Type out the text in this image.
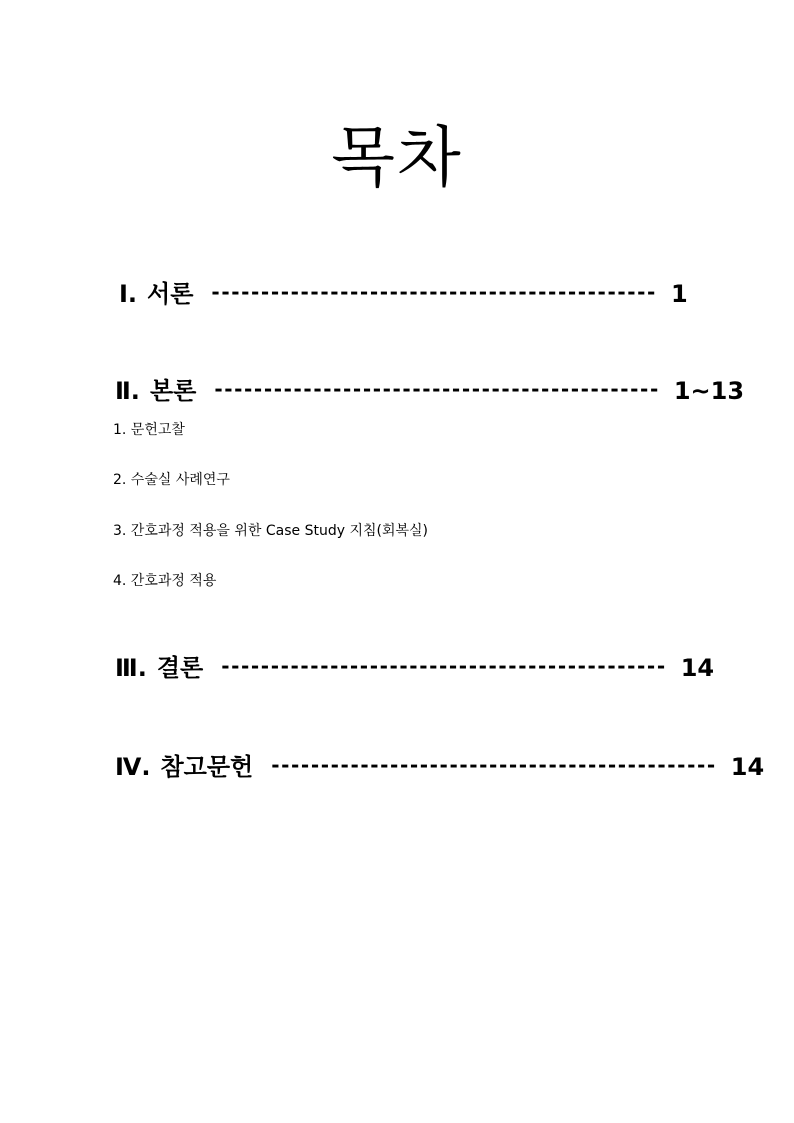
목차
Ⅰ. 서론 --------------------------------------------- 1
Ⅱ. 본론 --------------------------------------------- 1~13
1. 문헌고찰
2. 수술실 사례연구
3. 간호과정 적용을 위한 Case Study 지침(회복실)
4. 간호과정 적용
Ⅲ. 결론 --------------------------------------------- 14
Ⅳ. 참고문헌 --------------------------------------------- 14
